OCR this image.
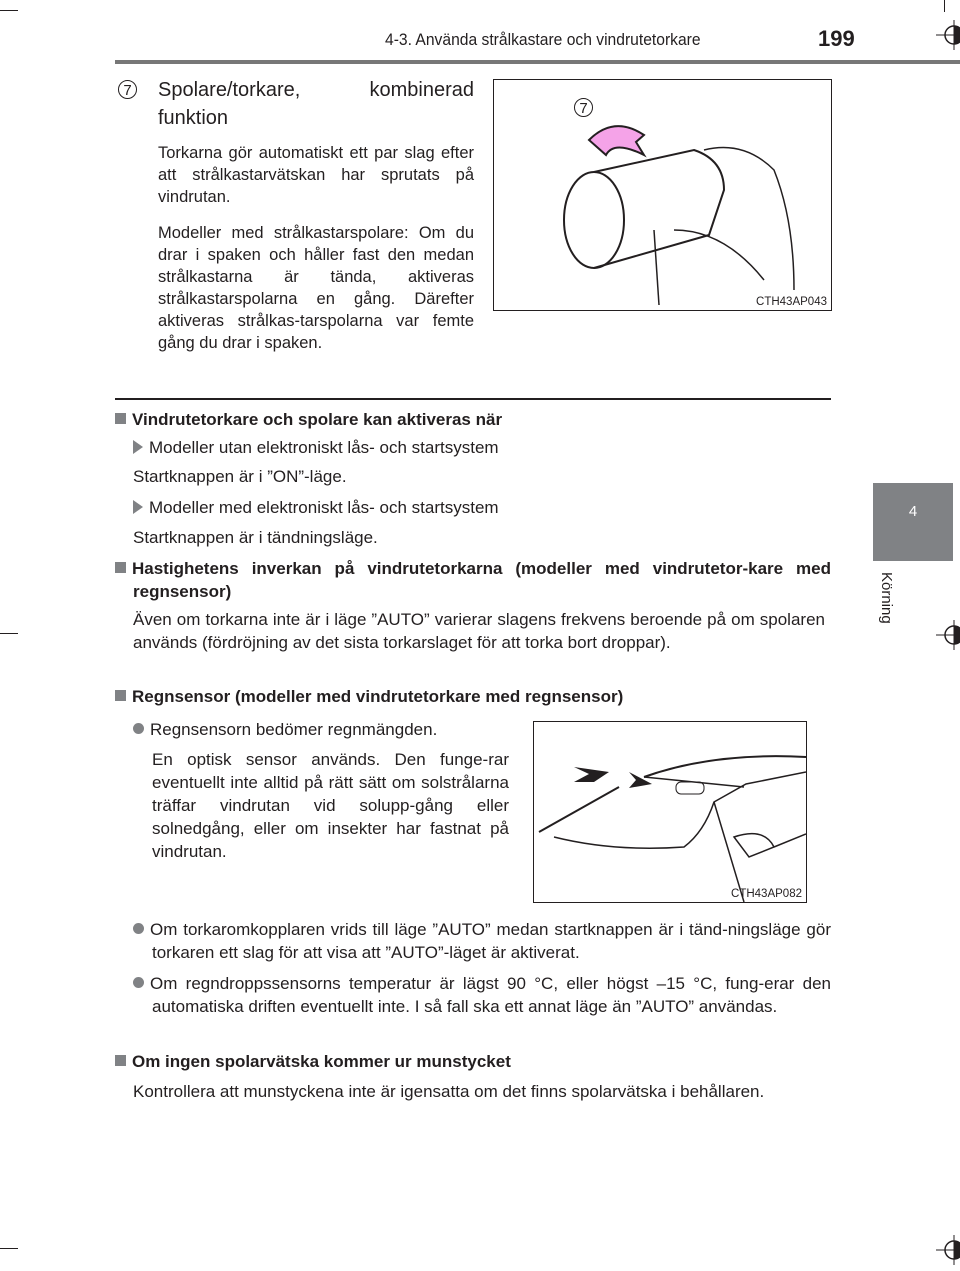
4-3. Använda strålkastare och vindrutetorkare	199
4
Körning
7 Spolare/torkare, kombinerad
funktion
Torkarna gör automatiskt ett par slag efter att strålkastarvätskan har sprutats på vindrutan.
Modeller med strålkastarspolare: Om du drar i spaken och håller fast den medan strålkastarna är tända, aktiveras strålkastarspolarna en gång. Därefter aktiveras strålkas-tarspolarna var femte gång du drar i spaken.
7
CTH43AP043
Vindrutetorkare och spolare kan aktiveras när
Modeller utan elektroniskt lås- och startsystem
Startknappen är i ”ON”-läge.
Modeller med elektroniskt lås- och startsystem
Startknappen är i tändningsläge.
Hastighetens inverkan på vindrutetorkarna (modeller med vindrutetor-kare med regnsensor)
Även om torkarna inte är i läge ”AUTO” varierar slagens frekvens beroende på om spolaren används (fördröjning av det sista torkarslaget för att torka bort droppar).
Regnsensor (modeller med vindrutetorkare med regnsensor)
Regnsensorn bedömer regnmängden.
En optisk sensor används. Den funge-rar eventuellt inte alltid på rätt sätt om solstrålarna träffar vindrutan vid solupp-gång eller solnedgång, eller om insekter har fastnat på vindrutan.
CTH43AP082
Om torkaromkopplaren vrids till läge ”AUTO” medan startknappen är i tänd-ningsläge gör torkaren ett slag för att visa att ”AUTO”-läget är aktiverat.
Om regndroppssensorns temperatur är lägst 90 °C, eller högst –15 °C, fung-erar den automatiska driften eventuellt inte. I så fall ska ett annat läge än ”AUTO” användas.
Om ingen spolarvätska kommer ur munstycket
Kontrollera att munstyckena inte är igensatta om det finns spolarvätska i behållaren.
